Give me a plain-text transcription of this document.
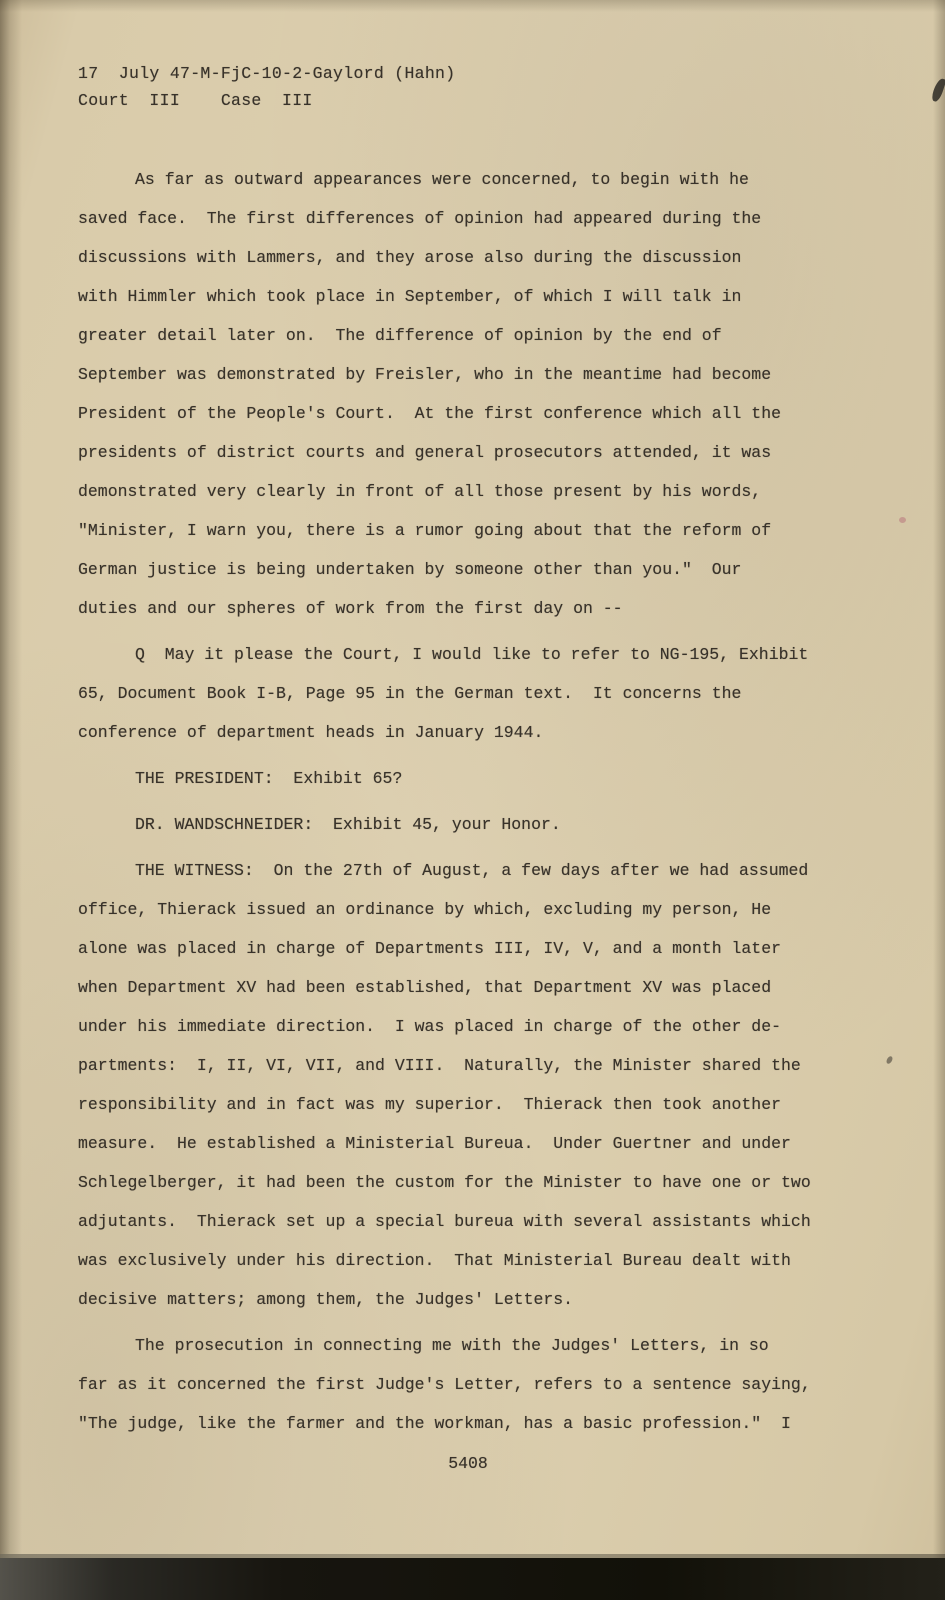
17  July 47-M-FjC-10-2-Gaylord (Hahn)
Court  III    Case  III
As far as outward appearances were concerned, to begin with he
saved face.  The first differences of opinion had appeared during the
discussions with Lammers, and they arose also during the discussion
with Himmler which took place in September, of which I will talk in
greater detail later on.  The difference of opinion by the end of
September was demonstrated by Freisler, who in the meantime had become
President of the People's Court.  At the first conference which all the
presidents of district courts and general prosecutors attended, it was
demonstrated very clearly in front of all those present by his words,
"Minister, I warn you, there is a rumor going about that the reform of
German justice is being undertaken by someone other than you."  Our
duties and our spheres of work from the first day on --
Q  May it please the Court, I would like to refer to NG-195, Exhibit
65, Document Book I-B, Page 95 in the German text.  It concerns the
conference of department heads in January 1944.
THE PRESIDENT:  Exhibit 65?
DR. WANDSCHNEIDER:  Exhibit 45, your Honor.
THE WITNESS:  On the 27th of August, a few days after we had assumed
office, Thierack issued an ordinance by which, excluding my person, He
alone was placed in charge of Departments III, IV, V, and a month later
when Department XV had been established, that Department XV was placed
under his immediate direction.  I was placed in charge of the other de-
partments:  I, II, VI, VII, and VIII.  Naturally, the Minister shared the
responsibility and in fact was my superior.  Thierack then took another
measure.  He established a Ministerial Bureua.  Under Guertner and under
Schlegelberger, it had been the custom for the Minister to have one or two
adjutants.  Thierack set up a special bureua with several assistants which
was exclusively under his direction.  That Ministerial Bureau dealt with
decisive matters; among them, the Judges' Letters.
The prosecution in connecting me with the Judges' Letters, in so
far as it concerned the first Judge's Letter, refers to a sentence saying,
"The judge, like the farmer and the workman, has a basic profession."  I
5408
